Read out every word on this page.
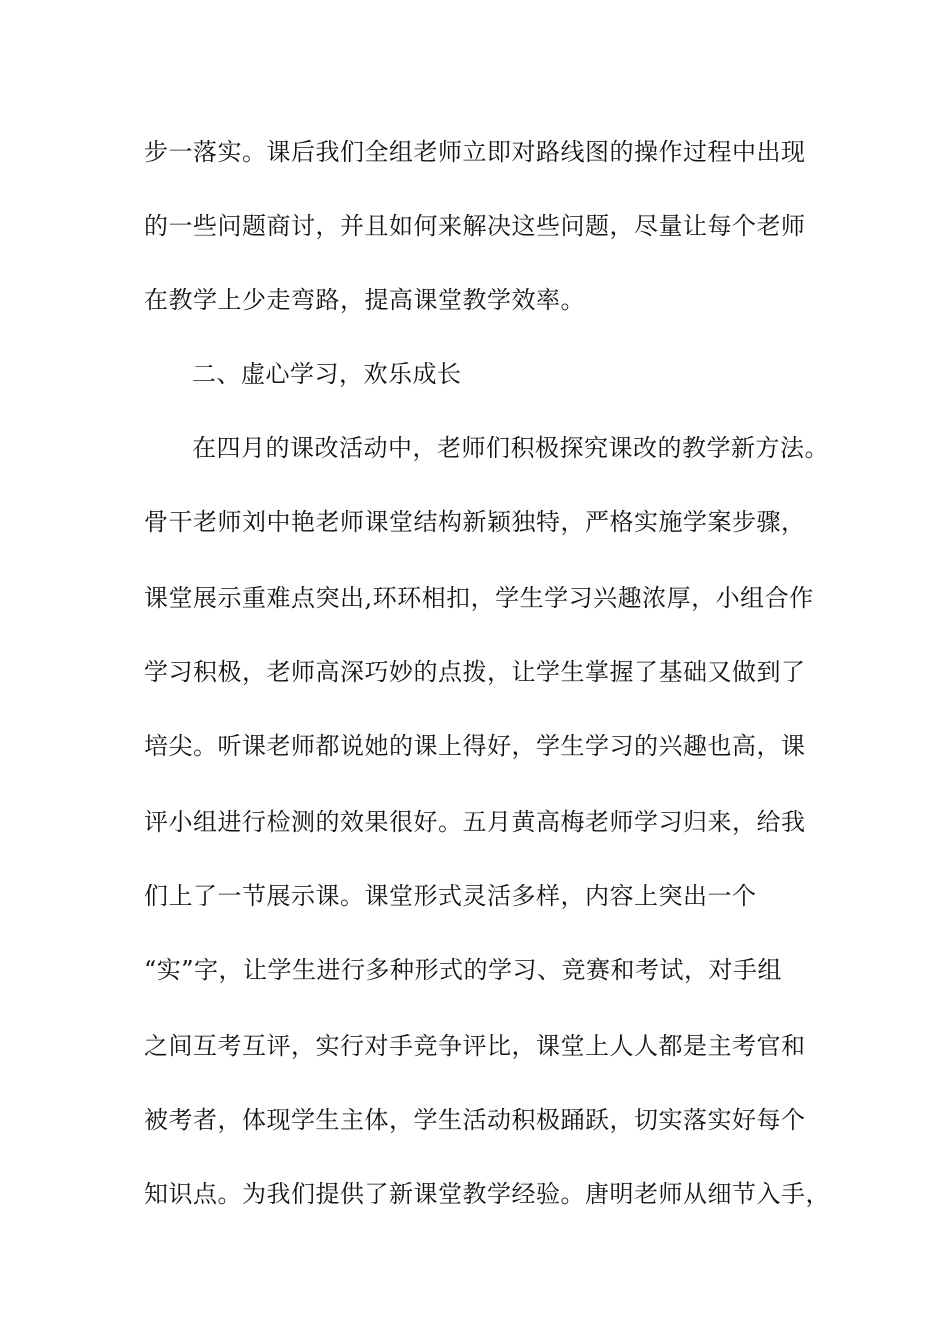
步一落实。课后我们全组老师立即对路线图的操作过程中出现
的一些问题商讨，并且如何来解决这些问题，尽量让每个老师
在教学上少走弯路，提高课堂教学效率。
二、虚心学习，欢乐成长
在四月的课改活动中，老师们积极探究课改的教学新方法。
骨干老师刘中艳老师课堂结构新颖独特，严格实施学案步骤，
课堂展示重难点突出,环环相扣，学生学习兴趣浓厚，小组合作
学习积极，老师高深巧妙的点拨，让学生掌握了基础又做到了
培尖。听课老师都说她的课上得好，学生学习的兴趣也高，课
评小组进行检测的效果很好。五月黄高梅老师学习归来，给我
们上了一节展示课。课堂形式灵活多样，内容上突出一个
“实”字，让学生进行多种形式的学习、竞赛和考试，对手组
之间互考互评，实行对手竞争评比，课堂上人人都是主考官和
被考者，体现学生主体，学生活动积极踊跃，切实落实好每个
知识点。为我们提供了新课堂教学经验。唐明老师从细节入手，
